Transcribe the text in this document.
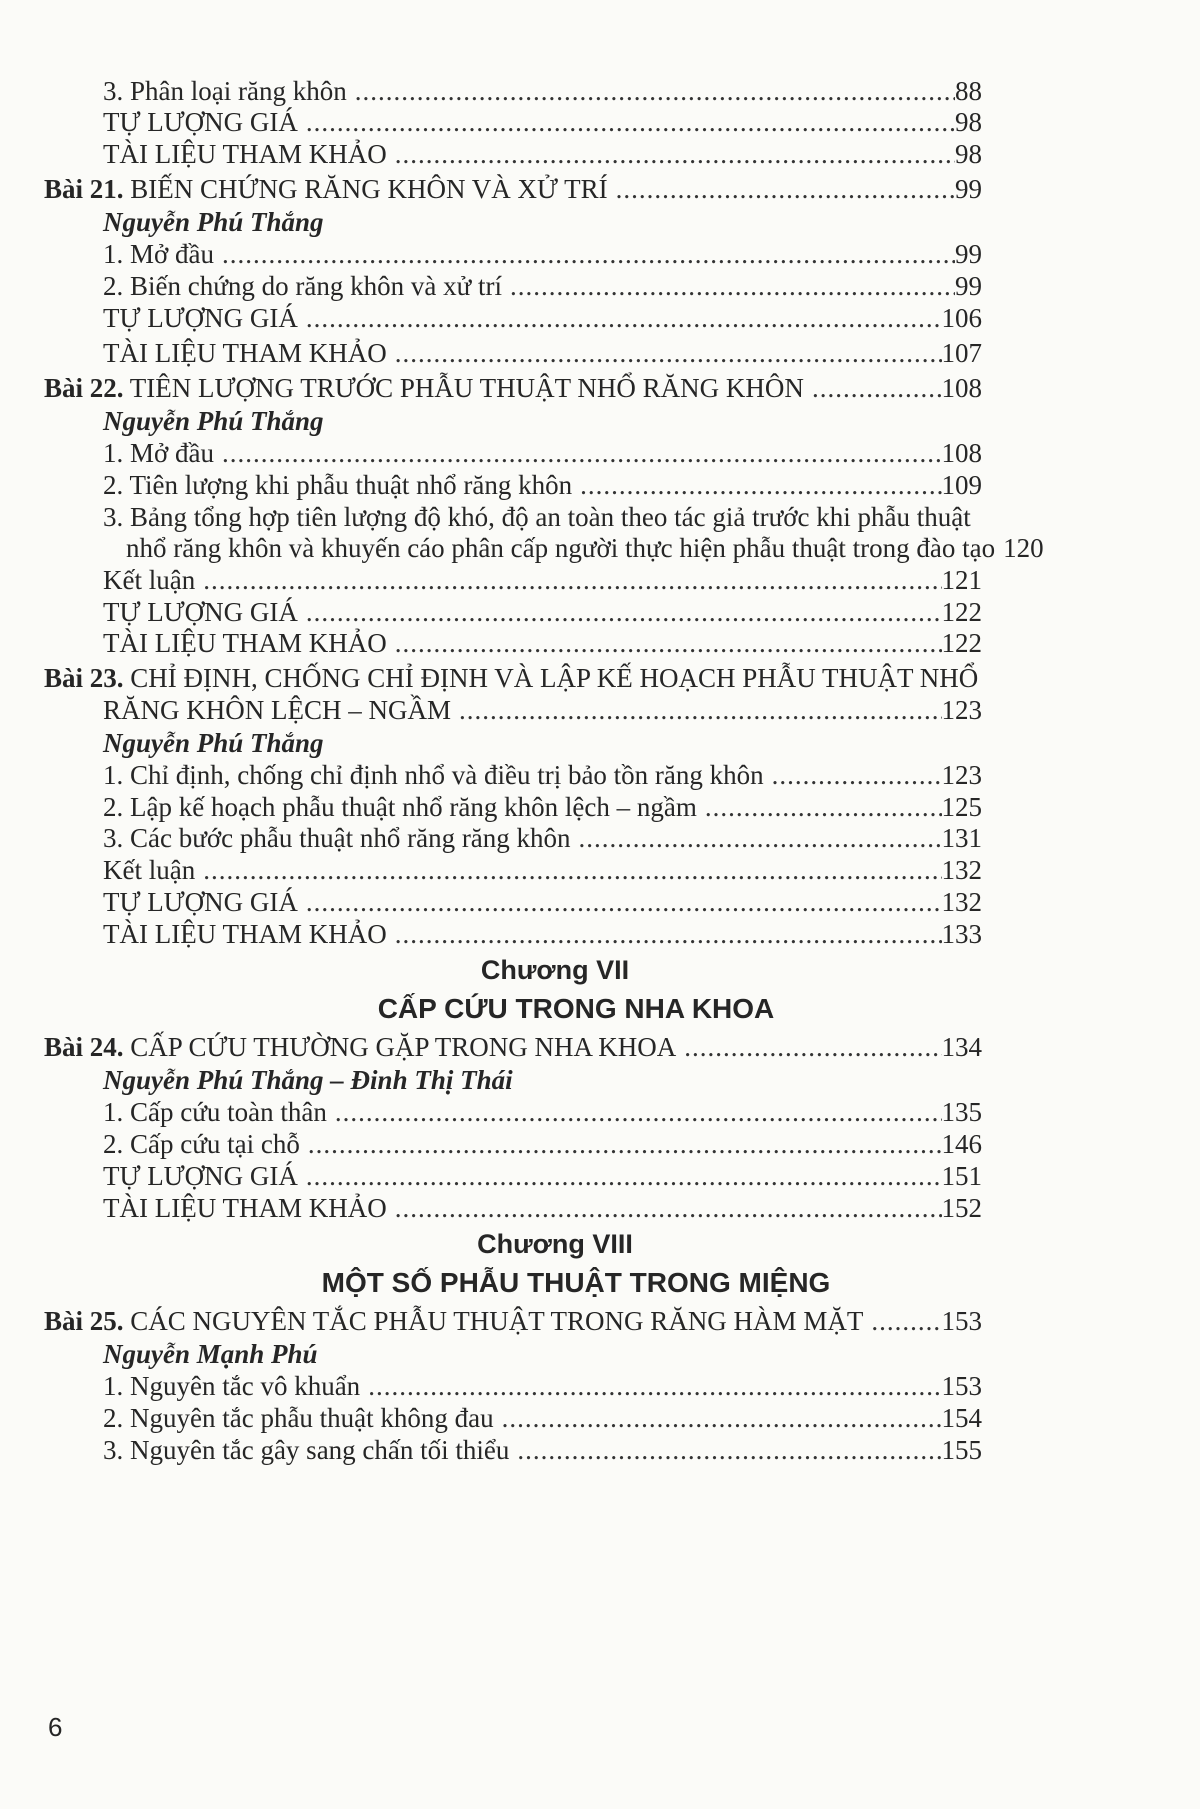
3. Phân loại răng khôn .....	88
TỰ LƯỢNG GIÁ .....	98
TÀI LIỆU THAM KHẢO .....	98
Bài 21. BIẾN CHỨNG RĂNG KHÔN VÀ XỬ TRÍ .....	99
Nguyễn Phú Thắng
1. Mở đầu .....	99
2. Biến chứng do răng khôn và xử trí .....	99
TỰ LƯỢNG GIÁ .....	106
TÀI LIỆU THAM KHẢO .....	107
Bài 22. TIÊN LƯỢNG TRƯỚC PHẪU THUẬT NHỔ RĂNG KHÔN .....	108
Nguyễn Phú Thắng
1. Mở đầu .....	108
2. Tiên lượng khi phẫu thuật nhổ răng khôn .....	109
3. Bảng tổng hợp tiên lượng độ khó, độ an toàn theo tác giả trước khi phẫu thuật
nhổ răng khôn và khuyến cáo phân cấp người thực hiện phẫu thuật trong đào tạo 120
Kết luận .....	121
TỰ LƯỢNG GIÁ .....	122
TÀI LIỆU THAM KHẢO .....	122
Bài 23. CHỈ ĐỊNH, CHỐNG CHỈ ĐỊNH VÀ LẬP KẾ HOẠCH PHẪU THUẬT NHỔ
RĂNG KHÔN LỆCH – NGẦM .....	123
Nguyễn Phú Thắng
1. Chỉ định, chống chỉ định nhổ và điều trị bảo tồn răng khôn .....	123
2. Lập kế hoạch phẫu thuật nhổ răng khôn lệch – ngầm .....	125
3. Các bước phẫu thuật nhổ răng răng khôn .....	131
Kết luận .....	132
TỰ LƯỢNG GIÁ .....	132
TÀI LIỆU THAM KHẢO .....	133
Chương VII
CẤP CỨU TRONG NHA KHOA
Bài 24. CẤP CỨU THƯỜNG GẶP TRONG NHA KHOA .....	134
Nguyễn Phú Thắng – Đinh Thị Thái
1. Cấp cứu toàn thân .....	135
2. Cấp cứu tại chỗ .....	146
TỰ LƯỢNG GIÁ .....	151
TÀI LIỆU THAM KHẢO .....	152
Chương VIII
MỘT SỐ PHẪU THUẬT TRONG MIỆNG
Bài 25. CÁC NGUYÊN TẮC PHẪU THUẬT TRONG RĂNG HÀM MẶT .....	153
Nguyễn Mạnh Phú
1. Nguyên tắc vô khuẩn .....	153
2. Nguyên tắc phẫu thuật không đau .....	154
3. Nguyên tắc gây sang chấn tối thiểu .....	155
6
